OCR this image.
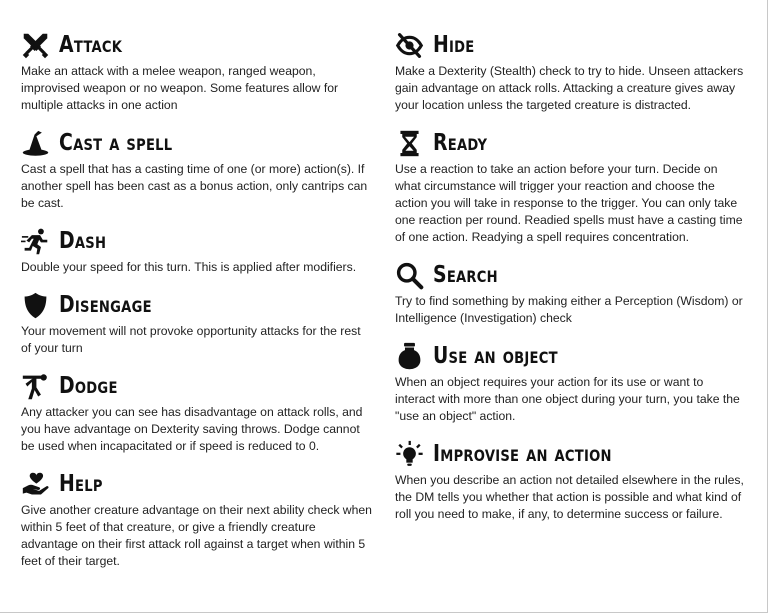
Attack

Make an attack with a melee weapon, ranged weapon, improvised weapon or no weapon. Some features allow for multiple attacks in one action

Cast a spell

Cast a spell that has a casting time of one (or more) action(s). If another spell has been cast as a bonus action, only cantrips can be cast.

Dash

Double your speed for this turn. This is applied after modifiers.

Disengage

Your movement will not provoke opportunity attacks for the rest of your turn

Dodge

Any attacker you can see has disadvantage on attack rolls, and you have advantage on Dexterity saving throws. Dodge cannot be used when incapacitated or if speed is reduced to 0.

Help

Give another creature advantage on their next ability check when within 5 feet of that creature, or give a friendly creature advantage on their first attack roll against a target when within 5 feet of their target.

Hide

Make a Dexterity (Stealth) check to try to hide. Unseen attackers gain advantage on attack rolls. Attacking a creature gives away your location unless the targeted creature is distracted.

Ready

Use a reaction to take an action before your turn. Decide on what circumstance will trigger your reaction and choose the action you will take in response to the trigger. You can only take one reaction per round. Readied spells must have a casting time of one action. Readying a spell requires concentration.

Search

Try to find something by making either a Perception (Wisdom) or Intelligence (Investigation) check

Use an object

When an object requires your action for its use or want to interact with more than one object during your turn, you take the "use an object" action.

Improvise an action

When you describe an action not detailed elsewhere in the rules, the DM tells you whether that action is possible and what kind of roll you need to make, if any, to determine success or failure.
